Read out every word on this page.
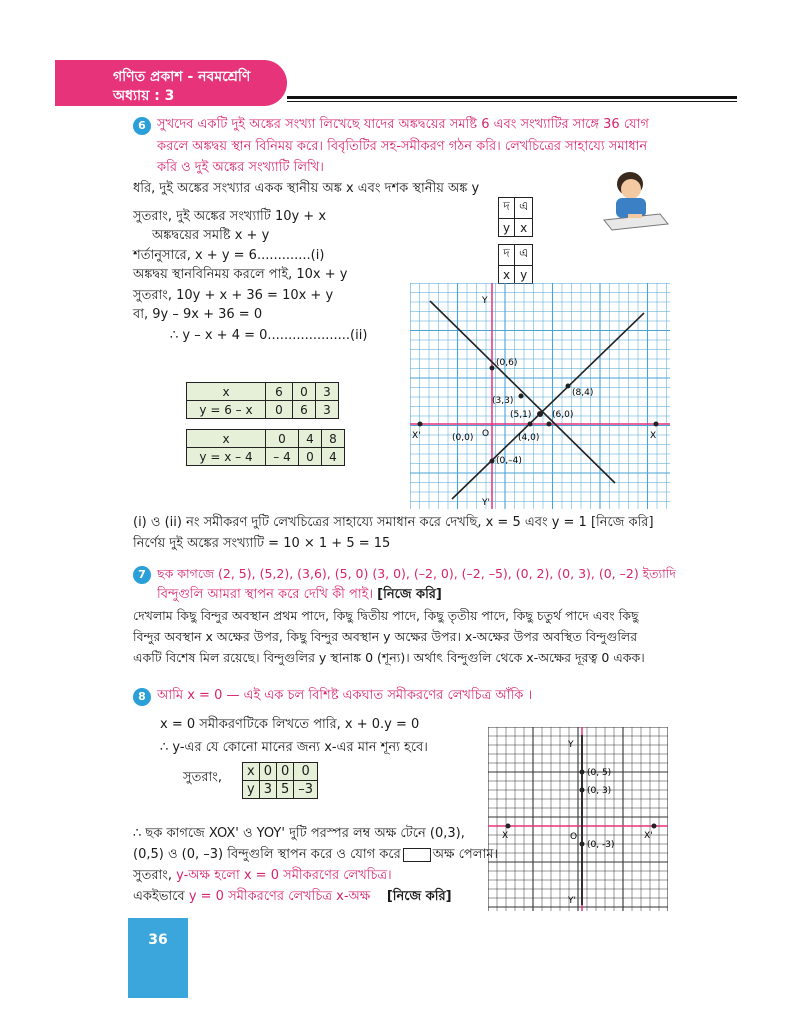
গণিত প্রকাশ - নবমশ্রেণি
অধ্যায় : 3
6 সুখদেব একটি দুই অঙ্কের সংখ্যা লিখেছে যাদের অঙ্কদ্বয়ের সমষ্টি 6 এবং সংখ্যাটির সাঙ্গে 36 যোগ
করলে অঙ্কদ্বয় স্থান বিনিময় করে। বিবৃতিটির সহ-সমীকরণ গঠন করি। লেখচিত্রের সাহায্যে সমাধান
করি ও দুই অঙ্কের সংখ্যাটি লিখি।
ধরি, দুই অঙ্কের সংখ্যার একক স্থানীয় অঙ্ক x এবং দশক স্থানীয় অঙ্ক y
সুতরাং, দুই অঙ্কের সংখ্যাটি 10y + x
অঙ্কদ্বয়ের সমষ্টি x + y
শর্তানুসারে, x + y = 6.............(i)
অঙ্কদ্বয় স্থানবিনিময় করলে পাই, 10x + y
সুতরাং, 10y + x + 36 = 10x + y
বা, 9y – 9x + 36 = 0
∴ y – x + 4 = 0....................(ii)
দ	এ
y	x
দ	এ
x	y
x	6	0	3
y = 6 – x	0	6	3
x	0	4	8
y = x – 4	– 4	0	4
X'	X
Y
Y'
O
(0,6)
(8,4)
(3,3)
(5,1) (6,0)
(0,0)	(4,0)
(0,–4)
(i) ও (ii) নং সমীকরণ দুটি লেখচিত্রের সাহায্যে সমাধান করে দেখছি, x = 5 এবং y = 1 [নিজে করি]
নির্ণেয় দুই অঙ্কের সংখ্যাটি = 10 × 1 + 5 = 15
7 ছক কাগজে (2, 5), (5,2), (3,6), (5, 0) (3, 0), (–2, 0), (–2, –5), (0, 2), (0, 3), (0, –2) ইত্যাদি
বিন্দুগুলি আমরা স্থাপন করে দেখি কী পাই। [নিজে করি]
দেখলাম কিছু বিন্দুর অবস্থান প্রথম পাদে, কিছু দ্বিতীয় পাদে, কিছু তৃতীয় পাদে, কিছু চতুর্থ পাদে এবং কিছু
বিন্দুর অবস্থান x অক্ষের উপর, কিছু বিন্দুর অবস্থান y অক্ষের উপর। x-অক্ষের উপর অবস্থিত বিন্দুগুলির
একটি বিশেষ মিল রয়েছে। বিন্দুগুলির y স্থানাঙ্ক 0 (শূন্য)। অর্থাৎ বিন্দুগুলি থেকে x-অক্ষের দূরত্ব 0 একক।
8 আমি x = 0 — এই এক চল বিশিষ্ট একঘাত সমীকরণের লেখচিত্র আঁকি ।
x = 0 সমীকরণটিকে লিখতে পারি, x + 0.y = 0
∴ y-এর যে কোনো মানের জন্য x-এর মান শূন্য হবে।
সুতরাং, x	0	0	0
y	3	5	–3
∴ ছক কাগজে XOX' ও YOY' দুটি পরস্পর লম্ব অক্ষ টেনে (0,3),
(0,5) ও (0, –3) বিন্দুগুলি স্থাপন করে ও যোগ করে অক্ষ পেলাম।
সুতরাং, y-অক্ষ হলো x = 0 সমীকরণের লেখচিত্র।
একইভাবে y = 0 সমীকরণের লেখচিত্র x-অক্ষ [নিজে করি]
X	X'
Y
Y'
O
(0, 5)
(0, 3)
(0, -3)
36
